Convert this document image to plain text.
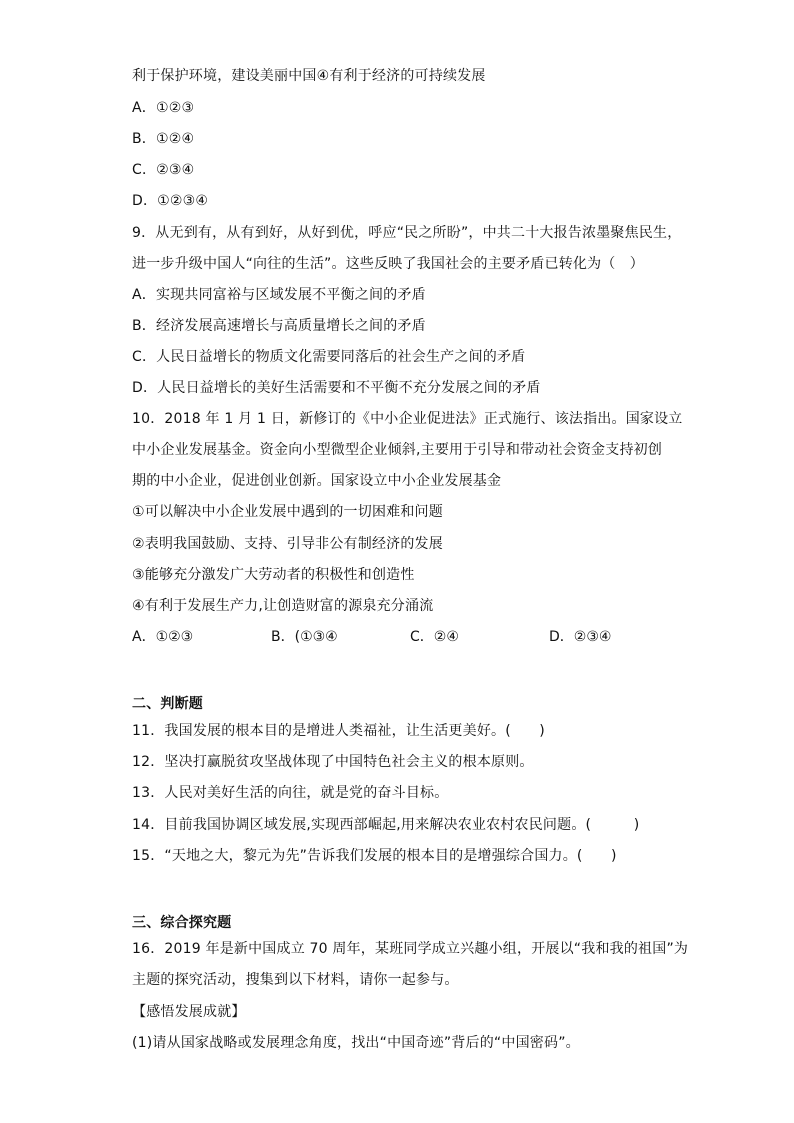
利于保护环境，建设美丽中国④有利于经济的可持续发展
A．①②③
B．①②④
C．②③④
D．①②③④
9．从无到有，从有到好，从好到优，呼应“民之所盼”，中共二十大报告浓墨聚焦民生，
进一步升级中国人“向往的生活”。这些反映了我国社会的主要矛盾已转化为（　）
A．实现共同富裕与区域发展不平衡之间的矛盾
B．经济发展高速增长与高质量增长之间的矛盾
C．人民日益增长的物质文化需要同落后的社会生产之间的矛盾
D．人民日益增长的美好生活需要和不平衡不充分发展之间的矛盾
10．2018 年 1 月 1 日，新修订的《中小企业促进法》正式施行、该法指出。国家设立
中小企业发展基金。资金向小型微型企业倾斜,主要用于引导和带动社会资金支持初创
期的中小企业，促进创业创新。国家设立中小企业发展基金
①可以解决中小企业发展中遇到的一切困难和问题
②表明我国鼓励、支持、引导非公有制经济的发展
③能够充分激发广大劳动者的积极性和创造性
④有利于发展生产力,让创造财富的源泉充分涌流
A．①②③	B．(①③④	C．②④	D．②③④
二、判断题
11．我国发展的根本目的是增进人类福祉，让生活更美好。(　　)
12．坚决打赢脱贫攻坚战体现了中国特色社会主义的根本原则。
13．人民对美好生活的向往，就是党的奋斗目标。
14．目前我国协调区域发展,实现西部崛起,用来解决农业农村农民问题。(　　　)
15．“天地之大，黎元为先”告诉我们发展的根本目的是增强综合国力。(　　)
三、综合探究题
16．2019 年是新中国成立 70 周年，某班同学成立兴趣小组，开展以“我和我的祖国”为
主题的探究活动，搜集到以下材料，请你一起参与。
【感悟发展成就】
(1)请从国家战略或发展理念角度，找出“中国奇迹”背后的“中国密码”。
